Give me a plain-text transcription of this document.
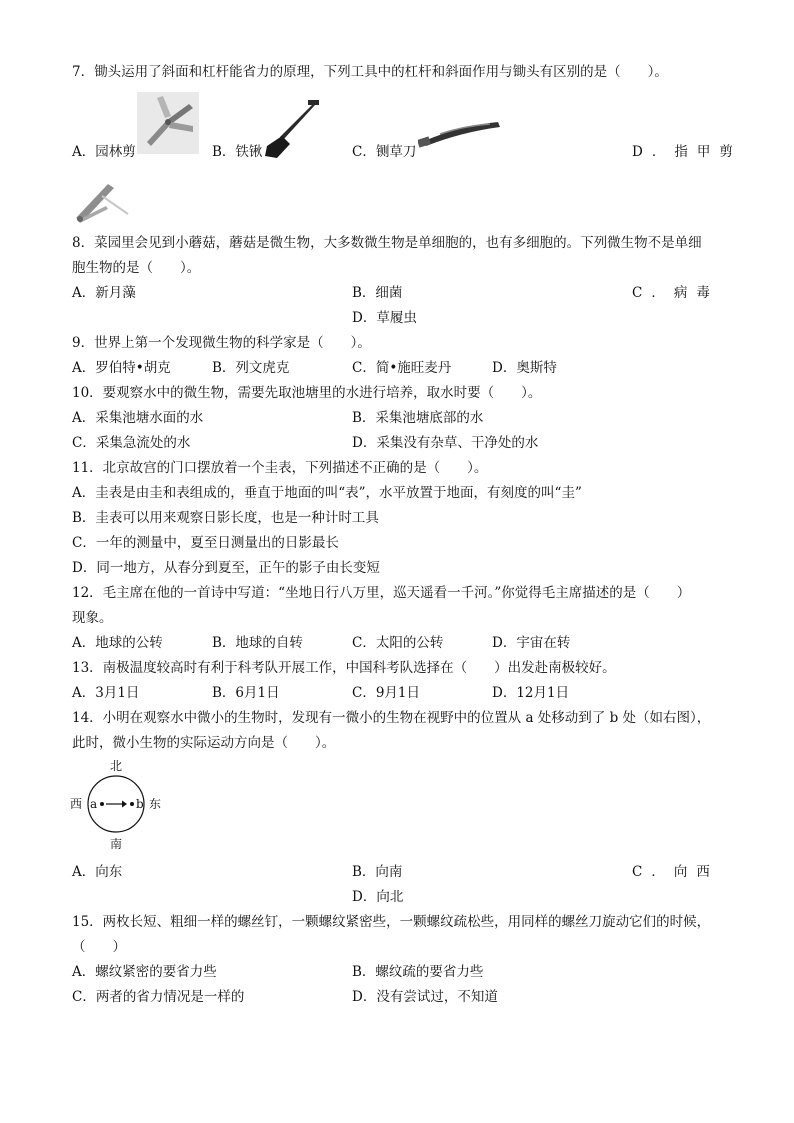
7．锄头运用了斜面和杠杆能省力的原理，下列工具中的杠杆和斜面作用与锄头有区别的是（　　）。
A．园林剪	B．铁锹	C．铡草刀	D．指甲剪
8．菜园里会见到小蘑菇，蘑菇是微生物，大多数微生物是单细胞的，也有多细胞的。下列微生物不是单细
胞生物的是（　　）。
A．新月藻	B．细菌	C．病毒
D．草履虫
9．世界上第一个发现微生物的科学家是（　　）。
A．罗伯特•胡克	B．列文虎克	C．简•施旺麦丹	D．奥斯特
10．要观察水中的微生物，需要先取池塘里的水进行培养，取水时要（　　）。
A．采集池塘水面的水	B．采集池塘底部的水
C．采集急流处的水	D．采集没有杂草、干净处的水
11．北京故宫的门口摆放着一个圭表，下列描述不正确的是（　　）。
A．圭表是由圭和表组成的，垂直于地面的叫“表”，水平放置于地面，有刻度的叫“圭”
B．圭表可以用来观察日影长度，也是一种计时工具
C．一年的测量中，夏至日测量出的日影最长
D．同一地方，从春分到夏至，正午的影子由长变短
12．毛主席在他的一首诗中写道：“坐地日行八万里，巡天遥看一千河。”你觉得毛主席描述的是（　　）
现象。
A．地球的公转	B．地球的自转	C．太阳的公转	D．宇宙在转
13．南极温度较高时有利于科考队开展工作，中国科考队选择在（　　）出发赴南极较好。
A．3月1日	B．6月1日	C．9月1日	D．12月1日
14．小明在观察水中微小的生物时，发现有一微小的生物在视野中的位置从 a 处移动到了 b 处（如右图），
此时，微小生物的实际运动方向是（　　）。
北
南
西	东
a	b
A．向东	B．向南	C．向西
D．向北
15．两枚长短、粗细一样的螺丝钉，一颗螺纹紧密些，一颗螺纹疏松些，用同样的螺丝刀旋动它们的时候，
（　　）
A．螺纹紧密的要省力些	B．螺纹疏的要省力些
C．两者的省力情况是一样的	D．没有尝试过，不知道
